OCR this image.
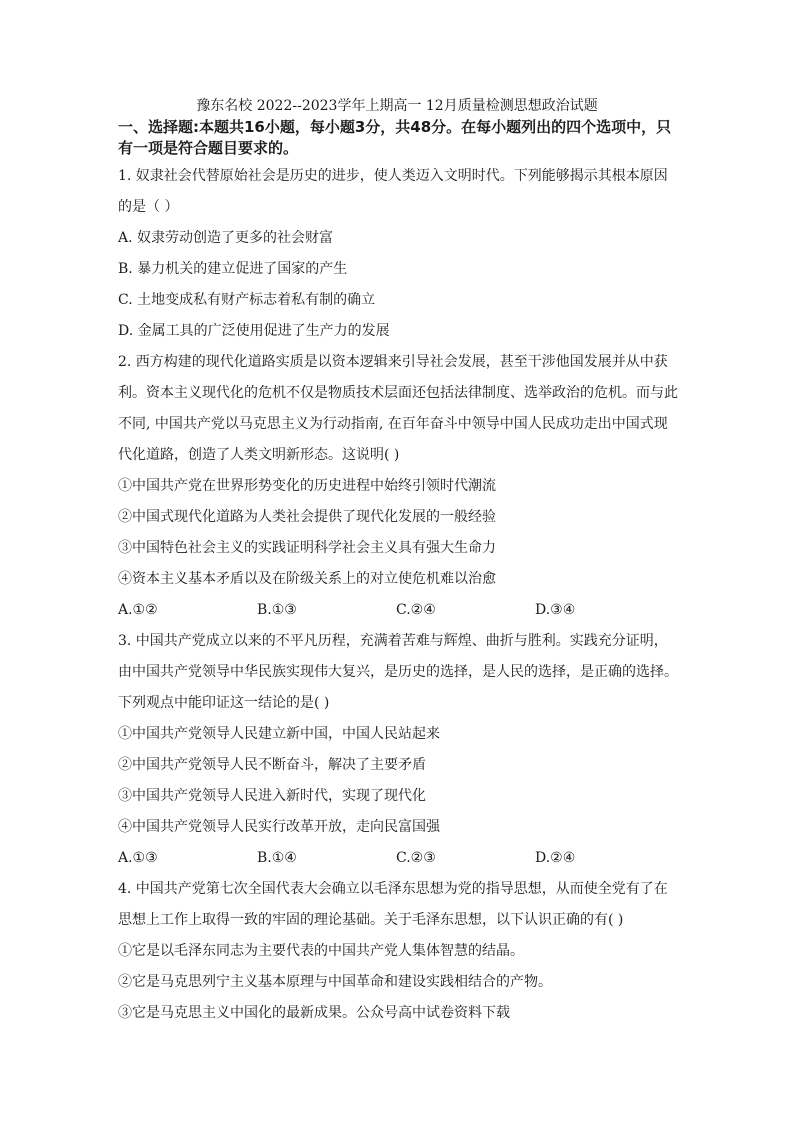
豫东名校 2022--2023学年上期高一 12月质量检测思想政治试题
一、选择题:本题共16小题，每小题3分，共48分。在每小题列出的四个选项中，只有一项是符合题目要求的。
1. 奴隶社会代替原始社会是历史的进步，使人类迈入文明时代。下列能够揭示其根本原因
的是（ ）
A. 奴隶劳动创造了更多的社会财富
B. 暴力机关的建立促进了国家的产生
C. 土地变成私有财产标志着私有制的确立
D. 金属工具的广泛使用促进了生产力的发展
2. 西方构建的现代化道路实质是以资本逻辑来引导社会发展，甚至干涉他国发展并从中获
利。资本主义现代化的危机不仅是物质技术层面还包括法律制度、选举政治的危机。而与此
不同, 中国共产党以马克思主义为行动指南, 在百年奋斗中领导中国人民成功走出中国式现
代化道路，创造了人类文明新形态。这说明( )
①中国共产党在世界形势变化的历史进程中始终引领时代潮流
②中国式现代化道路为人类社会提供了现代化发展的一般经验
③中国特色社会主义的实践证明科学社会主义具有强大生命力
④资本主义基本矛盾以及在阶级关系上的对立使危机难以治愈
A.①②	B.①③	C.②④	D.③④
3. 中国共产党成立以来的不平凡历程，充满着苦难与辉煌、曲折与胜利。实践充分证明，
由中国共产党领导中华民族实现伟大复兴，是历史的选择，是人民的选择，是正确的选择。
下列观点中能印证这一结论的是( )
①中国共产党领导人民建立新中国，中国人民站起来
②中国共产党领导人民不断奋斗，解决了主要矛盾
③中国共产党领导人民进入新时代，实现了现代化
④中国共产党领导人民实行改革开放，走向民富国强
A.①③	B.①④	C.②③	D.②④
4. 中国共产党第七次全国代表大会确立以毛泽东思想为党的指导思想，从而使全党有了在
思想上工作上取得一致的牢固的理论基础。关于毛泽东思想，以下认识正确的有( )
①它是以毛泽东同志为主要代表的中国共产党人集体智慧的结晶。
②它是马克思列宁主义基本原理与中国革命和建设实践相结合的产物。
③它是马克思主义中国化的最新成果。公众号高中试卷资料下载
